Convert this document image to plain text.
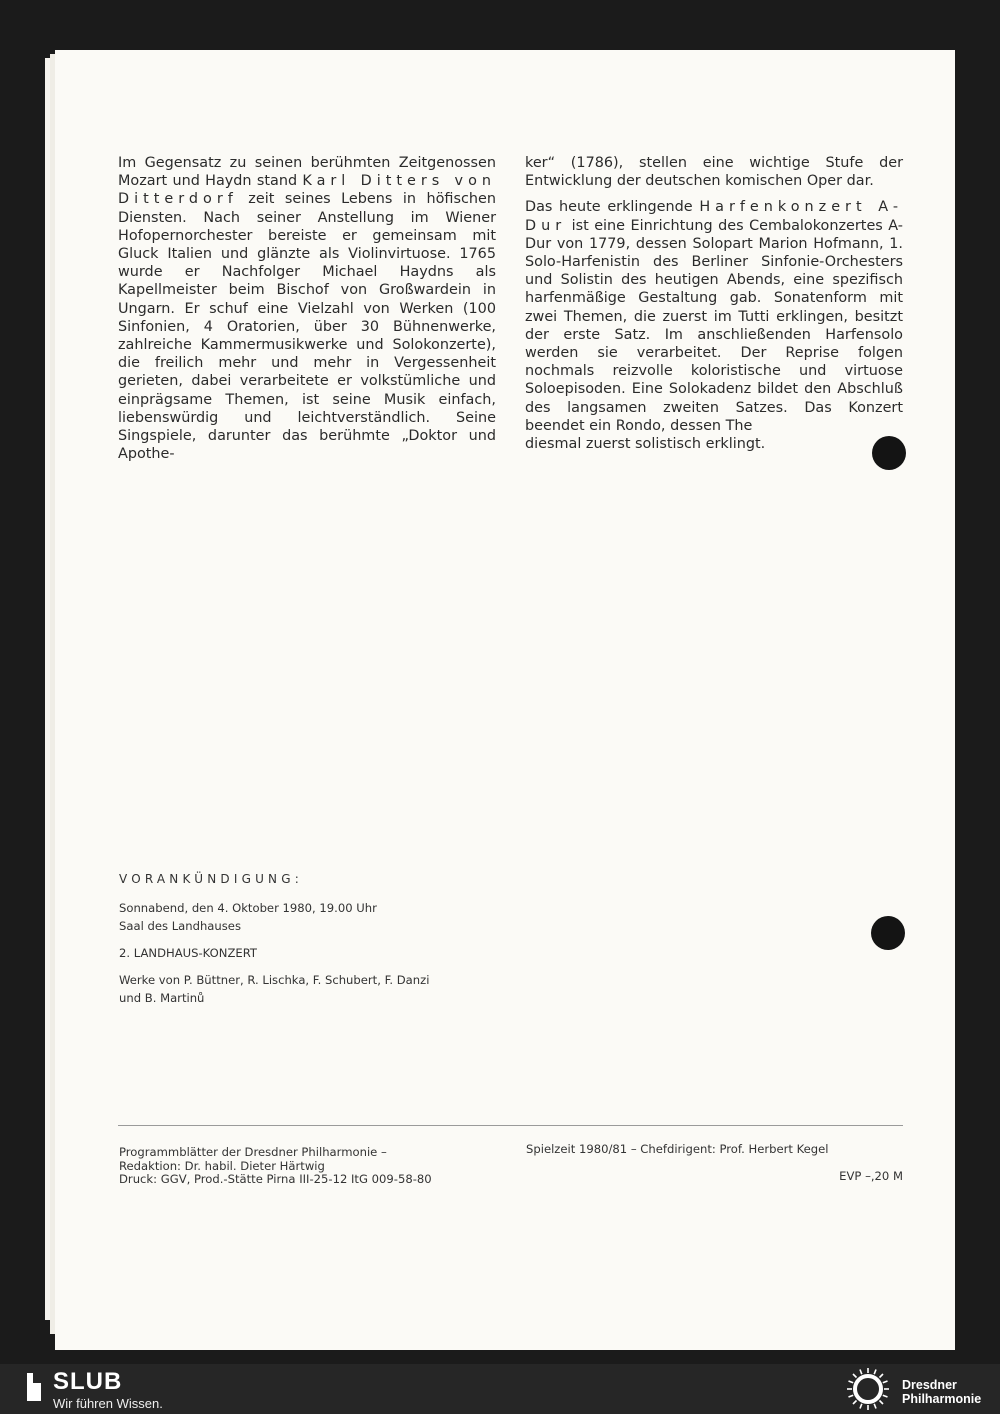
Im Gegensatz zu seinen berühmten Zeitgenossen Mozart und Haydn stand Karl Ditters von Ditterdorf zeit seines Lebens in höfischen Diensten. Nach seiner Anstellung im Wiener Hofopernorchester bereiste er gemeinsam mit Gluck Italien und glänzte als Violinvirtuose. 1765 wurde er Nachfolger Michael Haydns als Kapellmeister beim Bischof von Großwardein in Ungarn. Er schuf eine Vielzahl von Werken (100 Sinfonien, 4 Oratorien, über 30 Bühnenwerke, zahlreiche Kammermusikwerke und Solokonzerte), die freilich mehr und mehr in Vergessenheit gerieten, dabei verarbeitete er volkstümliche und einprägsame Themen, ist seine Musik einfach, liebenswürdig und leichtverständlich. Seine Singspiele, darunter das berühmte „Doktor und Apothe-

ker“ (1786), stellen eine wichtige Stufe der Entwicklung der deutschen komischen Oper dar.

Das heute erklingende Harfenkonzert A-Dur ist eine Einrichtung des Cembalokonzertes A-Dur von 1779, dessen Solopart Marion Hofmann, 1. Solo-Harfenistin des Berliner Sinfonie-Orchesters und Solistin des heutigen Abends, eine spezifisch harfenmäßige Gestaltung gab. Sonatenform mit zwei Themen, die zuerst im Tutti erklingen, besitzt der erste Satz. Im anschließenden Harfensolo werden sie verarbeitet. Der Reprise folgen nochmals reizvolle koloristische und virtuose Soloepisoden. Eine Solokadenz bildet den Abschluß des langsamen zweiten Satzes. Das Konzert beendet ein Rondo, dessen The

diesmal zuerst solistisch erklingt.

VORANKÜNDIGUNG:
Sonnabend, den 4. Oktober 1980, 19.00 Uhr
Saal des Landhauses
2. LANDHAUS-KONZERT

Werke von P. Büttner, R. Lischka, F. Schubert, F. Danzi

und B. Martinů

Programmblätter der Dresdner Philharmonie –
Redaktion: Dr. habil. Dieter Härtwig
Druck: GGV, Prod.-Stätte Pirna III-25-12 ItG 009-58-80
Spielzeit 1980/81 – Chefdirigent: Prof. Herbert Kegel
EVP –,20 M
SLUB
Wir führen Wissen.
Dresdner
Philharmonie
